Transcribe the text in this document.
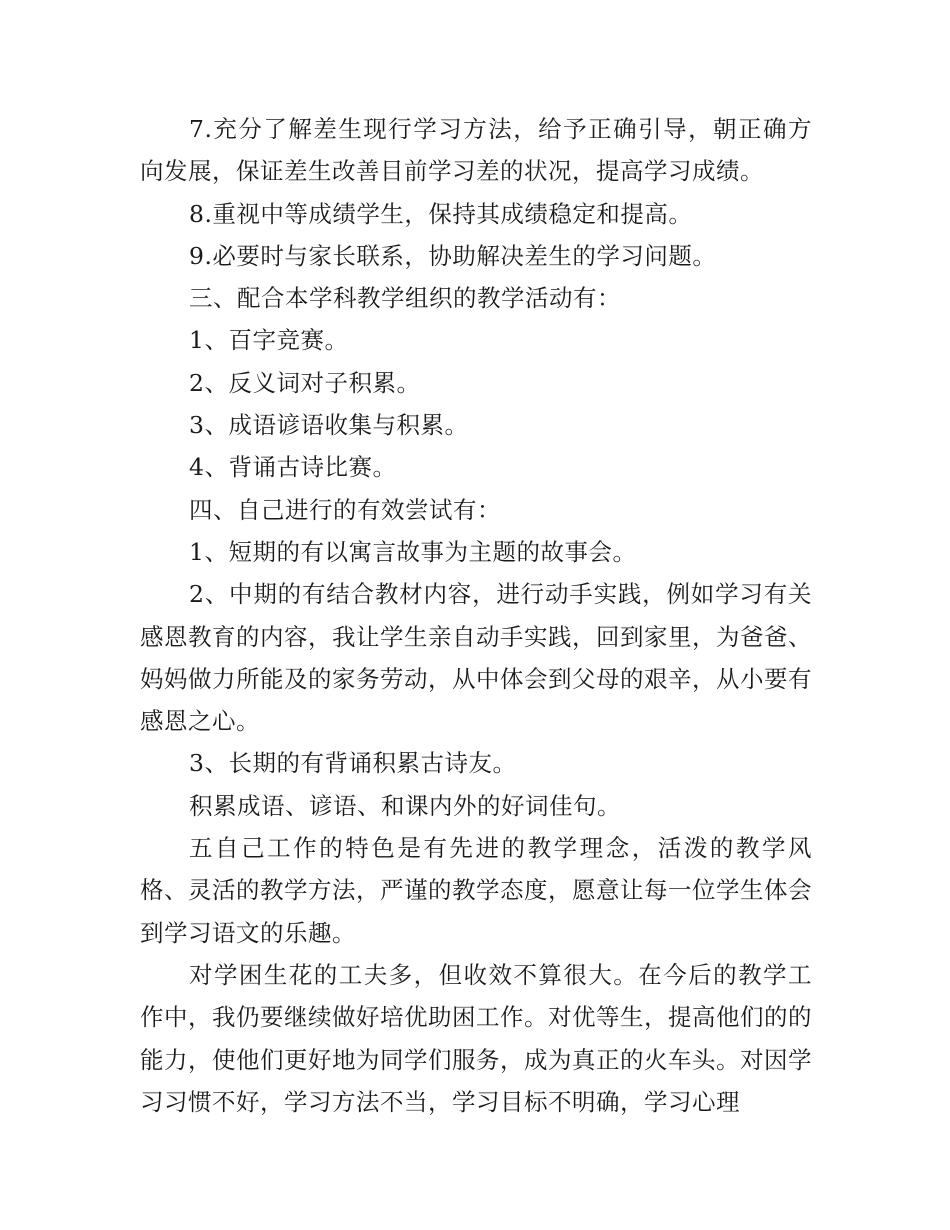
7.充分了解差生现行学习方法，给予正确引导，朝正确方向发展，保证差生改善目前学习差的状况，提高学习成绩。

8.重视中等成绩学生，保持其成绩稳定和提高。

9.必要时与家长联系，协助解决差生的学习问题。

三、配合本学科教学组织的教学活动有：

1、百字竞赛。

2、反义词对子积累。

3、成语谚语收集与积累。

4、背诵古诗比赛。

四、自己进行的有效尝试有：

1、短期的有以寓言故事为主题的故事会。

2、中期的有结合教材内容，进行动手实践，例如学习有关感恩教育的内容，我让学生亲自动手实践，回到家里，为爸爸、妈妈做力所能及的家务劳动，从中体会到父母的艰辛，从小要有感恩之心。

3、长期的有背诵积累古诗友。

积累成语、谚语、和课内外的好词佳句。

五自己工作的特色是有先进的教学理念，活泼的教学风格、灵活的教学方法，严谨的教学态度，愿意让每一位学生体会到学习语文的乐趣。

对学困生花的工夫多，但收效不算很大。在今后的教学工作中，我仍要继续做好培优助困工作。对优等生，提高他们的的能力，使他们更好地为同学们服务，成为真正的火车头。对因学习习惯不好，学习方法不当，学习目标不明确，学习心理
